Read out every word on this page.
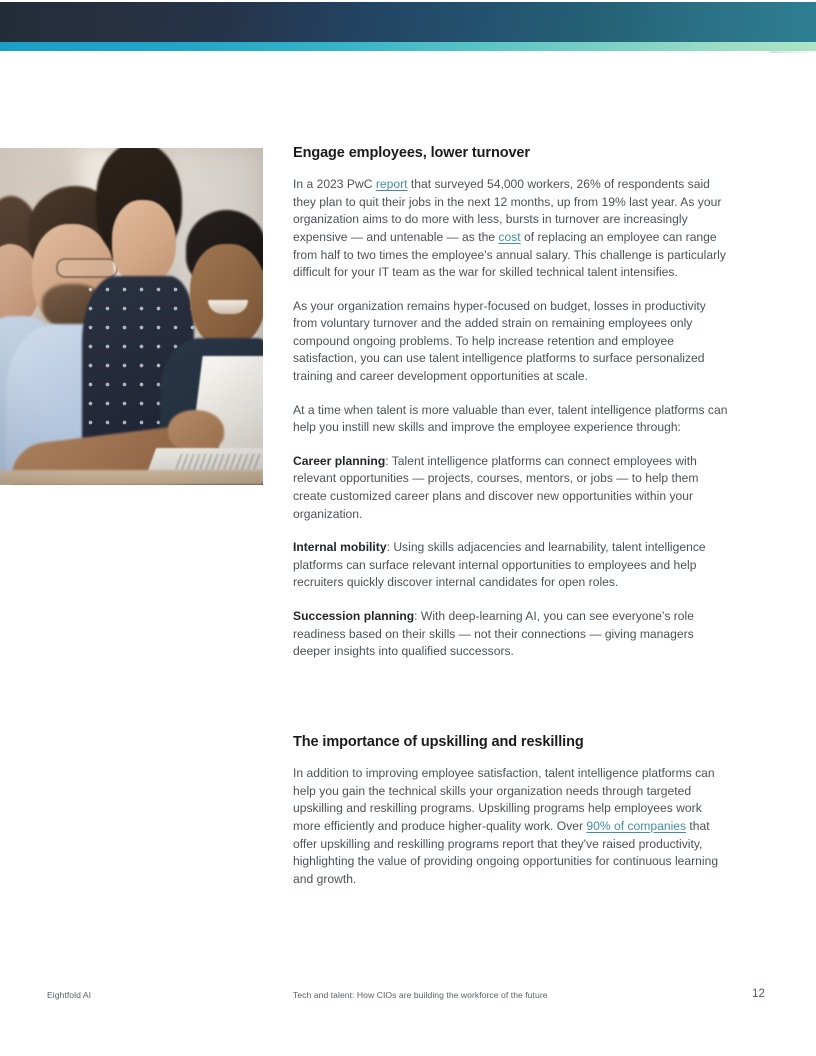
Engage employees, lower turnover

In a 2023 PwC report that surveyed 54,000 workers, 26% of respondents said they plan to quit their jobs in the next 12 months, up from 19% last year. As your organization aims to do more with less, bursts in turnover are increasingly expensive — and untenable — as the cost of replacing an employee can range from half to two times the employee's annual salary. This challenge is particularly difficult for your IT team as the war for skilled technical talent intensifies.

As your organization remains hyper-focused on budget, losses in productivity from voluntary turnover and the added strain on remaining employees only compound ongoing problems. To help increase retention and employee satisfaction, you can use talent intelligence platforms to surface personalized training and career development opportunities at scale.

At a time when talent is more valuable than ever, talent intelligence platforms can help you instill new skills and improve the employee experience through:

Career planning: Talent intelligence platforms can connect employees with relevant opportunities — projects, courses, mentors, or jobs — to help them create customized career plans and discover new opportunities within your organization.

Internal mobility: Using skills adjacencies and learnability, talent intelligence platforms can surface relevant internal opportunities to employees and help recruiters quickly discover internal candidates for open roles.

Succession planning: With deep-learning AI, you can see everyone's role readiness based on their skills — not their connections — giving managers deeper insights into qualified successors.

The importance of upskilling and reskilling

In addition to improving employee satisfaction, talent intelligence platforms can help you gain the technical skills your organization needs through targeted upskilling and reskilling programs. Upskilling programs help employees work more efficiently and produce higher-quality work. Over 90% of companies that offer upskilling and reskilling programs report that they've raised productivity, highlighting the value of providing ongoing opportunities for continuous learning and growth.

Eightfold AI	Tech and talent: How CIOs are building the workforce of the future	12
